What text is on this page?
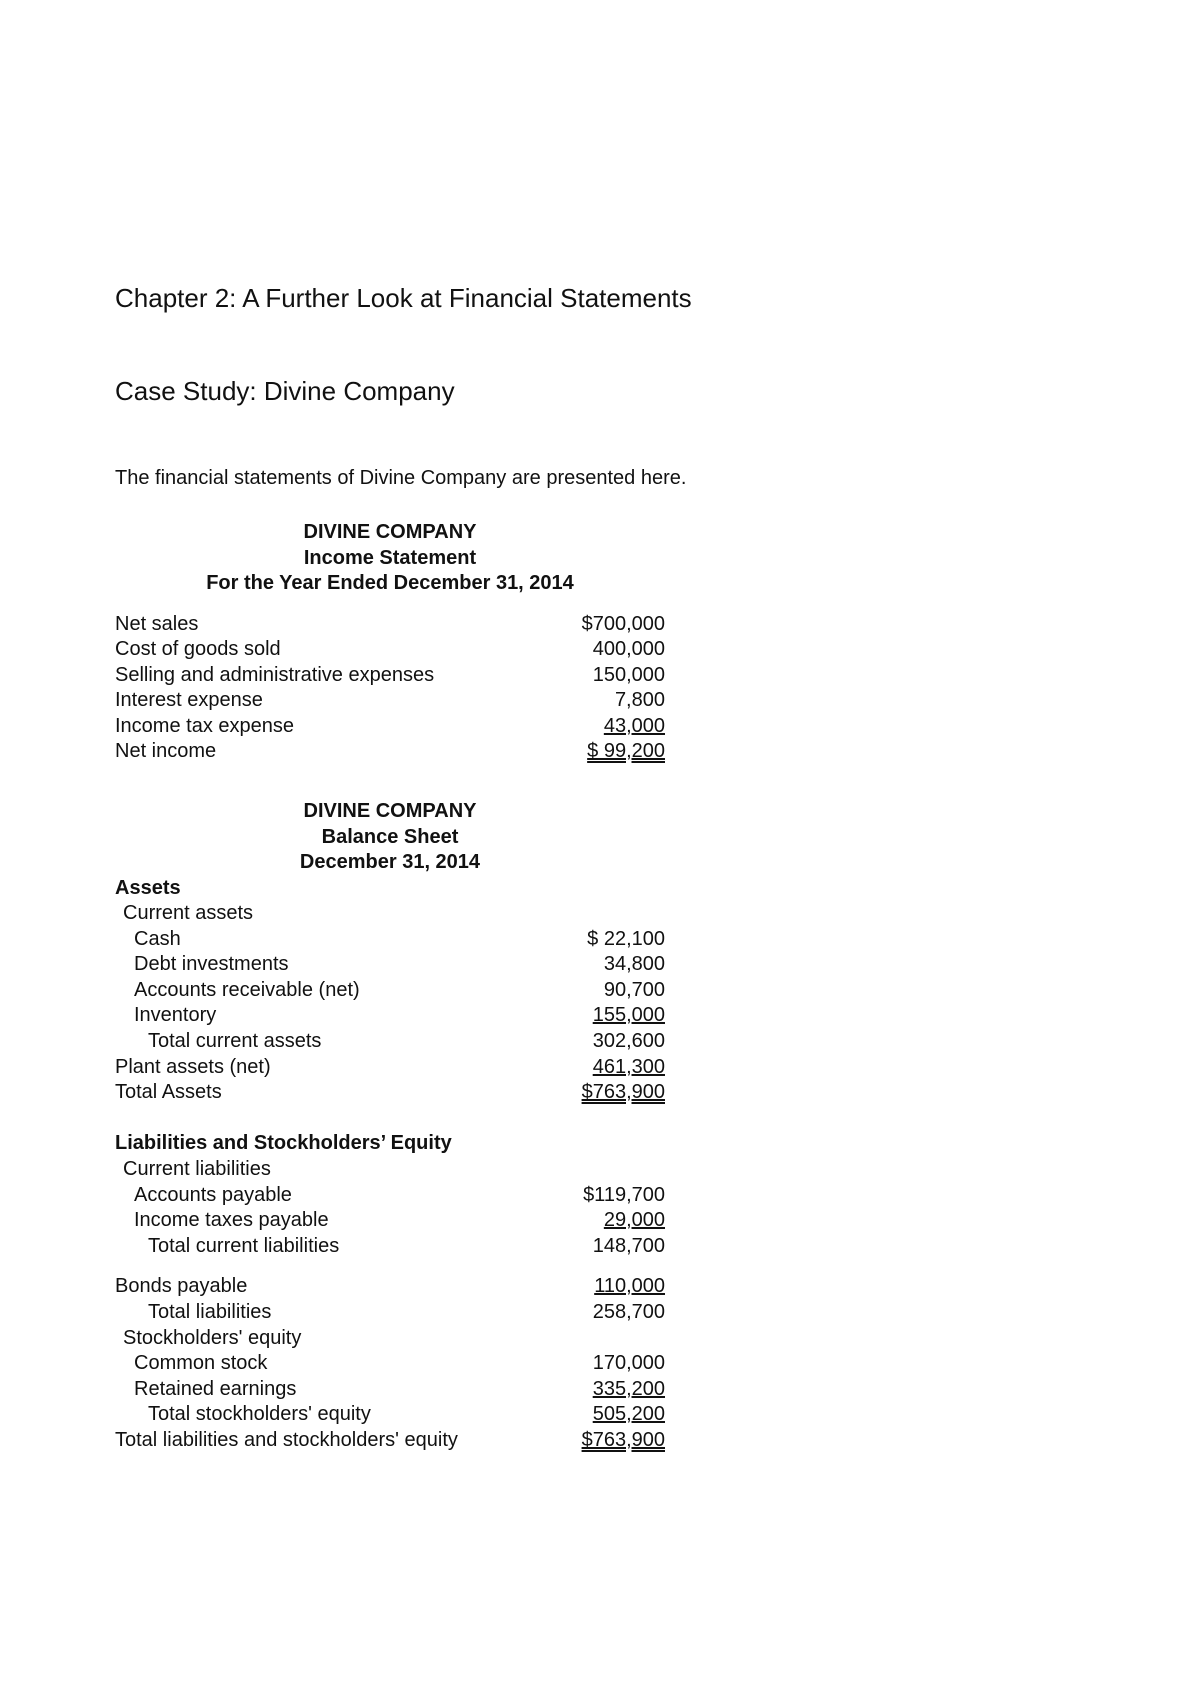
Chapter 2: A Further Look at Financial Statements
Case Study: Divine Company

The financial statements of Divine Company are presented here.

DIVINE COMPANY
Income Statement
For the Year Ended December 31, 2014
Net sales	$700,000
Cost of goods sold	400,000
Selling and administrative expenses	150,000
Interest expense	7,800
Income tax expense	43,000
Net income	$ 99,200
DIVINE COMPANY
Balance Sheet
December 31, 2014
Assets
Current assets
Cash	$ 22,100
Debt investments	34,800
Accounts receivable (net)	90,700
Inventory	155,000
Total current assets	302,600
Plant assets (net)	461,300
Total Assets	$763,900
Liabilities and Stockholders’ Equity
Current liabilities
Accounts payable	$119,700
Income taxes payable	29,000
Total current liabilities	148,700
Bonds payable	110,000
Total liabilities	258,700
Stockholders' equity
Common stock	170,000
Retained earnings	335,200
Total stockholders' equity	505,200
Total liabilities and stockholders' equity	$763,900
